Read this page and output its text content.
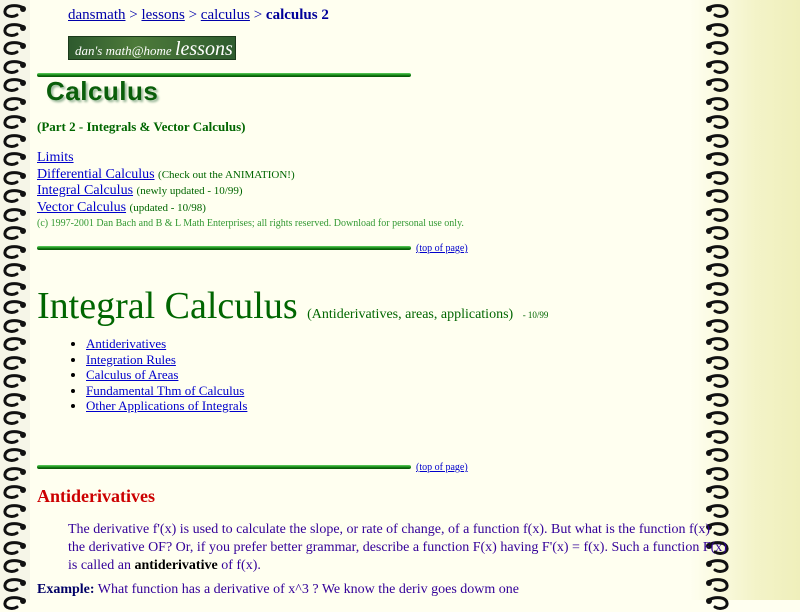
dansmath > lessons > calculus > calculus 2
dan's math@home lessons
Calculus
(Part 2 - Integrals & Vector Calculus)
Limits
Differential Calculus (Check out the ANIMATION!)
Integral Calculus (newly updated - 10/99)
Vector Calculus (updated - 10/98)
(c) 1997-2001 Dan Bach and B & L Math Enterprises; all rights reserved. Download for personal use only.
(top of page)
Integral Calculus (Antiderivatives, areas, applications) - 10/99
• Antiderivatives
• Integration Rules
• Calculus of Areas
• Fundamental Thm of Calculus
• Other Applications of Integrals
(top of page)
Antiderivatives
The derivative f'(x) is used to calculate the slope, or rate of change, of a function f(x). But what is the function f(x) the derivative OF? Or, if you prefer better grammar, describe a function F(x) having F'(x) = f(x). Such a function F(x) is called an antiderivative of f(x).
Example: What function has a derivative of x^3 ? We know the deriv goes dowm one
